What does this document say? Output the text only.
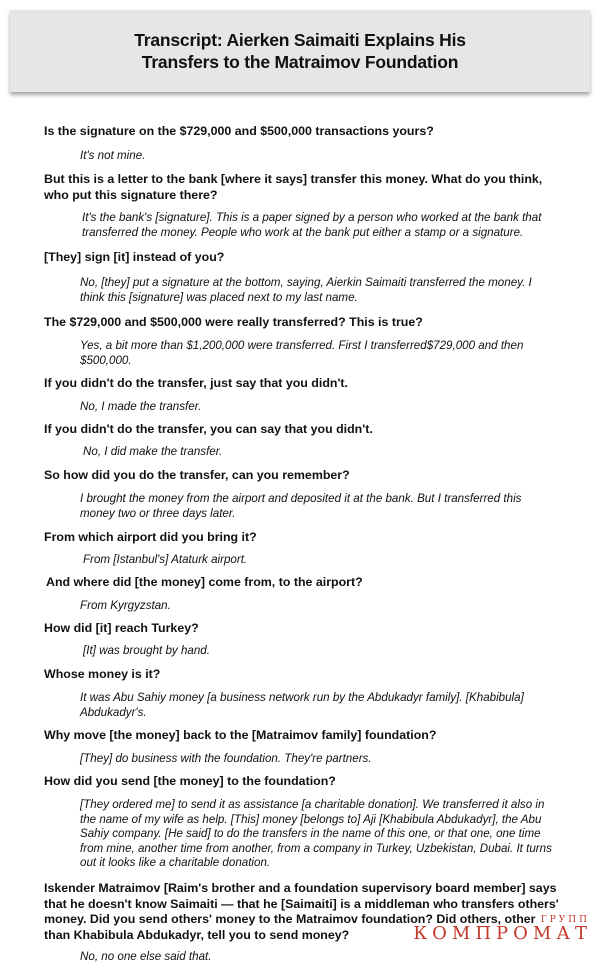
Transcript: Aierken Saimaiti Explains His
Transfers to the Matraimov Foundation
Is the signature on the $729,000 and $500,000 transactions yours?
It's not mine.
But this is a letter to the bank [where it says] transfer this money. What do you think, who put this signature there?
It's the bank's [signature]. This is a paper signed by a person who worked at the bank that transferred the money. People who work at the bank put either a stamp or a signature.
[They] sign [it] instead of you?
No, [they] put a signature at the bottom, saying, Aierkin Saimaiti transferred the money. I think this [signature] was placed next to my last name.
The $729,000 and $500,000 were really transferred? This is true?
Yes, a bit more than $1,200,000 were transferred. First I transferred$729,000 and then $500,000.
If you didn't do the transfer, just say that you didn't.
No, I made the transfer.
If you didn't do the transfer, you can say that you didn't.
No, I did make the transfer.
So how did you do the transfer, can you remember?
I brought the money from the airport and deposited it at the bank. But I transferred this money two or three days later.
From which airport did you bring it?
From [Istanbul's] Ataturk airport.
And where did [the money] come from, to the airport?
From Kyrgyzstan.
How did [it] reach Turkey?
[It] was brought by hand.
Whose money is it?
It was Abu Sahiy money [a business network run by the Abdukadyr family]. [Khabibula] Abdukadyr's.
Why move [the money] back to the [Matraimov family] foundation?
[They] do business with the foundation. They're partners.
How did you send [the money] to the foundation?
[They ordered me] to send it as assistance [a charitable donation]. We transferred it also in the name of my wife as help. [This] money [belongs to] Aji [Khabibula Abdukadyr], the Abu Sahiy company. [He said] to do the transfers in the name of this one, or that one, one time from mine, another time from another, from a company in Turkey, Uzbekistan, Dubai. It turns out it looks like a charitable donation.
Iskender Matraimov [Raim's brother and a foundation supervisory board member] says that he doesn't know Saimaiti — that he [Saimaiti] is a middleman who transfers others' money. Did you send others' money to the Matraimov foundation? Did others, other than Khabibula Abdukadyr, tell you to send money?
No, no one else said that.
ГРУПП
КОМПРОМАТ
